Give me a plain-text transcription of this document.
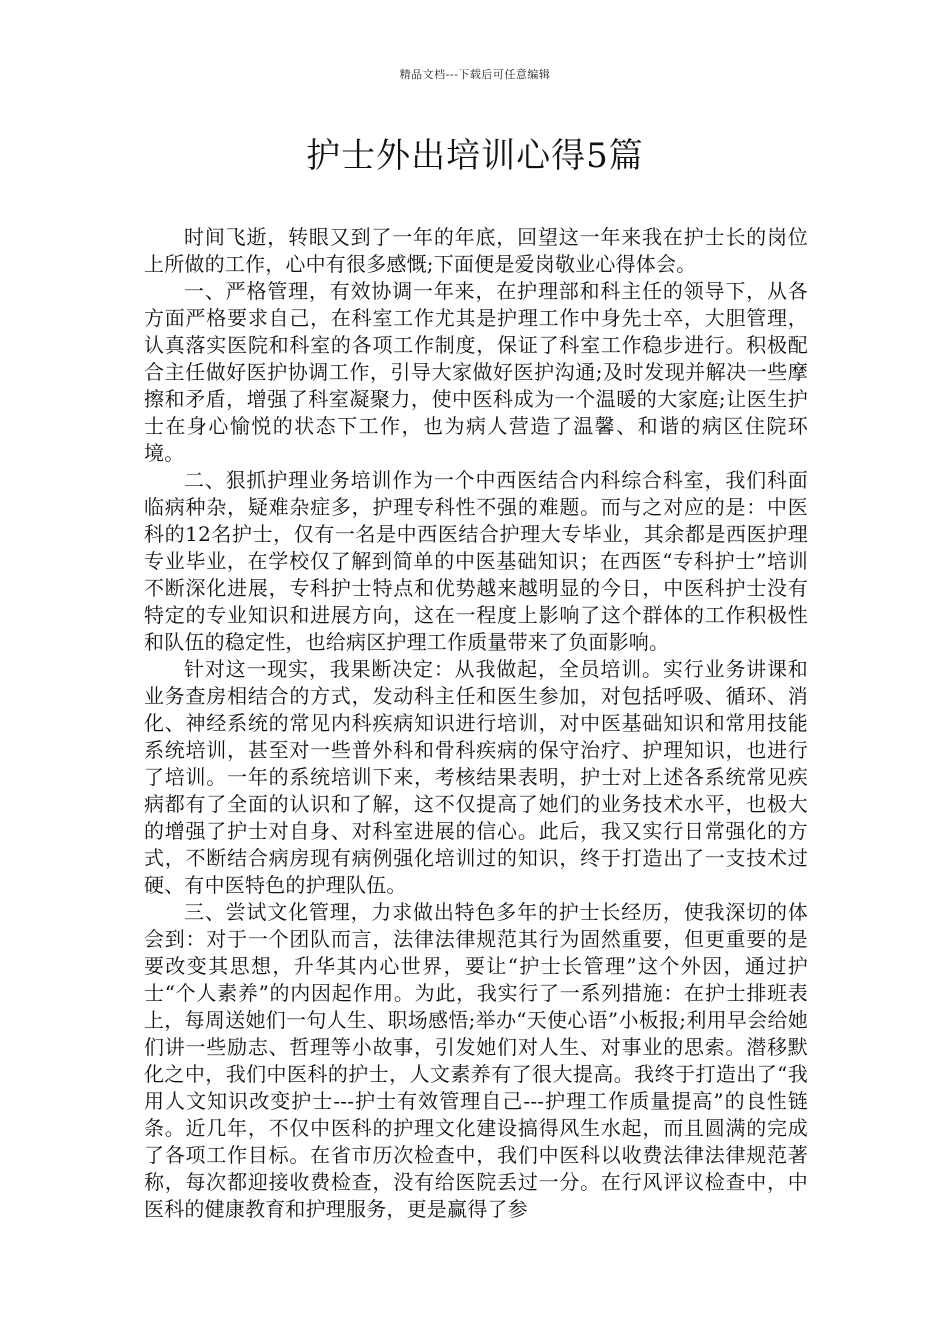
精品文档---下载后可任意编辑
护士外出培训心得5篇

时间飞逝，转眼又到了一年的年底，回望这一年来我在护士长的岗位上所做的工作，心中有很多感慨;下面便是爱岗敬业心得体会。

一、严格管理，有效协调一年来，在护理部和科主任的领导下，从各方面严格要求自己，在科室工作尤其是护理工作中身先士卒，大胆管理，认真落实医院和科室的各项工作制度，保证了科室工作稳步进行。积极配合主任做好医护协调工作，引导大家做好医护沟通;及时发现并解决一些摩擦和矛盾，增强了科室凝聚力，使中医科成为一个温暖的大家庭;让医生护士在身心愉悦的状态下工作，也为病人营造了温馨、和谐的病区住院环境。

二、狠抓护理业务培训作为一个中西医结合内科综合科室，我们科面临病种杂，疑难杂症多，护理专科性不强的难题。而与之对应的是：中医科的12名护士，仅有一名是中西医结合护理大专毕业，其余都是西医护理专业毕业，在学校仅了解到简单的中医基础知识；在西医“专科护士”培训不断深化进展，专科护士特点和优势越来越明显的今日，中医科护士没有特定的专业知识和进展方向，这在一程度上影响了这个群体的工作积极性和队伍的稳定性，也给病区护理工作质量带来了负面影响。

针对这一现实，我果断决定：从我做起，全员培训。实行业务讲课和业务查房相结合的方式，发动科主任和医生参加，对包括呼吸、循环、消化、神经系统的常见内科疾病知识进行培训，对中医基础知识和常用技能系统培训，甚至对一些普外科和骨科疾病的保守治疗、护理知识，也进行了培训。一年的系统培训下来，考核结果表明，护士对上述各系统常见疾病都有了全面的认识和了解，这不仅提高了她们的业务技术水平，也极大的增强了护士对自身、对科室进展的信心。此后，我又实行日常强化的方式，不断结合病房现有病例强化培训过的知识，终于打造出了一支技术过硬、有中医特色的护理队伍。

三、尝试文化管理，力求做出特色多年的护士长经历，使我深切的体会到：对于一个团队而言，法律法律规范其行为固然重要，但更重要的是要改变其思想，升华其内心世界，要让“护士长管理”这个外因，通过护士“个人素养”的内因起作用。为此，我实行了一系列措施：在护士排班表上，每周送她们一句人生、职场感悟;举办“天使心语”小板报;利用早会给她们讲一些励志、哲理等小故事，引发她们对人生、对事业的思索。潜移默化之中，我们中医科的护士，人文素养有了很大提高。我终于打造出了“我用人文知识改变护士---护士有效管理自己---护理工作质量提高”的良性链条。近几年，不仅中医科的护理文化建设搞得风生水起，而且圆满的完成了各项工作目标。在省市历次检查中，我们中医科以收费法律法律规范著称，每次都迎接收费检查，没有给医院丢过一分。在行风评议检查中，中医科的健康教育和护理服务，更是赢得了参
